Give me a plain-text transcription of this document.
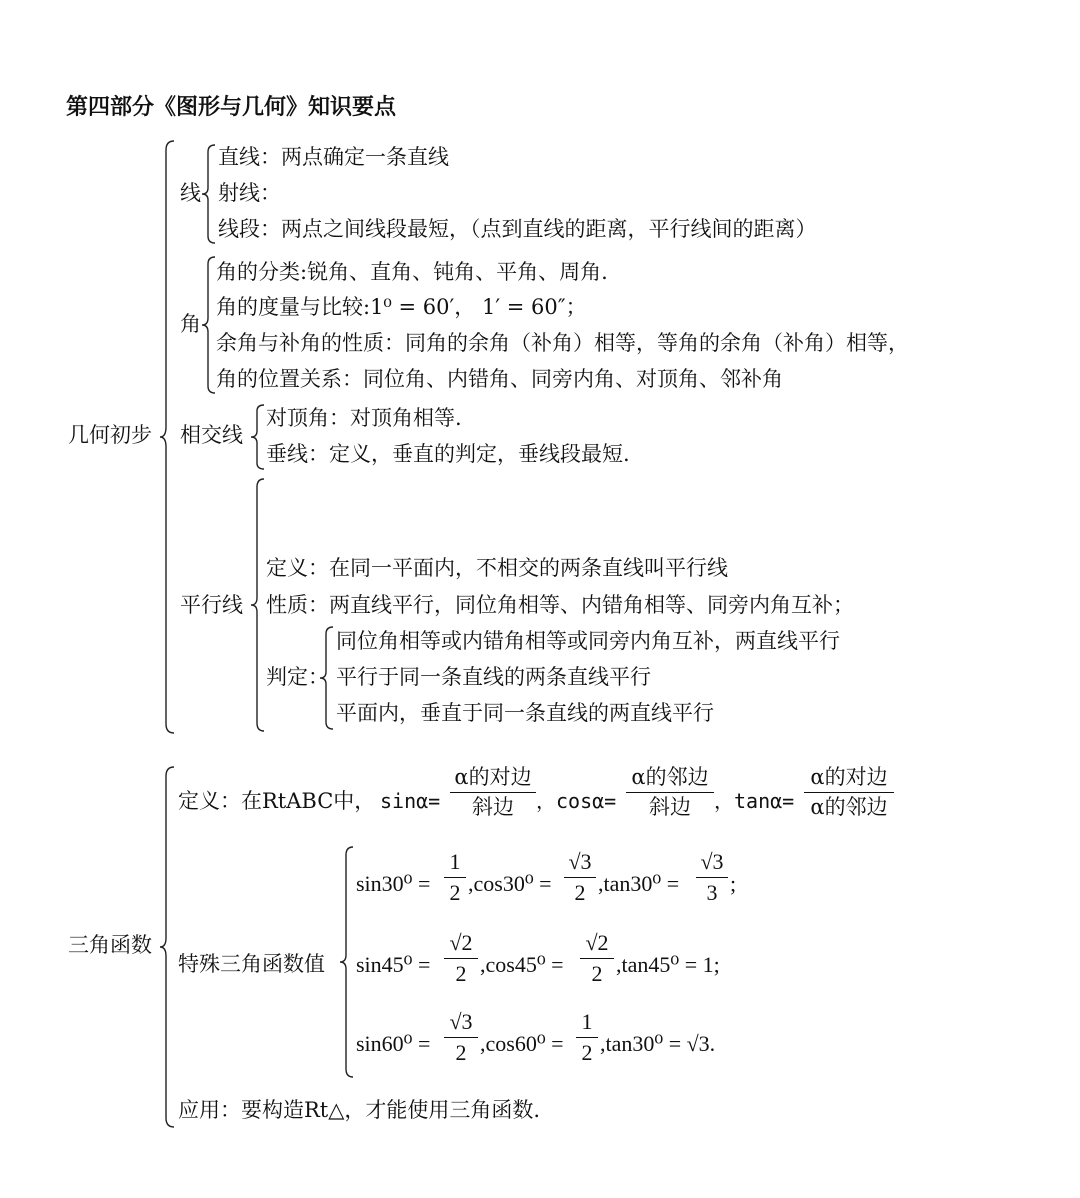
第四部分《图形与几何》知识要点
几何初步
线
直线：两点确定一条直线
射线：
线段：两点之间线段最短，（点到直线的距离，平行线间的距离）
角
角的分类:锐角、直角、钝角、平角、周角.
角的度量与比较:1⁰ = 60′， 1′ = 60″；
余角与补角的性质：同角的余角（补角）相等，等角的余角（补角）相等，
角的位置关系：同位角、内错角、同旁内角、对顶角、邻补角
相交线
对顶角：对顶角相等.
垂线：定义，垂直的判定，垂线段最短.
平行线
定义：在同一平面内，不相交的两条直线叫平行线
性质：两直线平行，同位角相等、内错角相等、同旁内角互补；
判定：
同位角相等或内错角相等或同旁内角互补，两直线平行
平行于同一条直线的两条直线平行
平面内，垂直于同一条直线的两直线平行
三角函数
定义：在RtABC中， sinα=
α的对边
斜边	，cosα=
α的邻边
斜边	，tanα=
α的对边
α的邻边
特殊三角函数值
sin30⁰ =
1
2 ,cos30⁰ =
√3
2 ,tan30⁰ =
√3
3 ;
sin45⁰ =
√2
2 ,cos45⁰ =
√2
2 ,tan45⁰ = 1;
sin60⁰ =
√3
2 ,cos60⁰ =
1
2 ,tan30⁰ = √3.
应用：要构造Rt△，才能使用三角函数.
